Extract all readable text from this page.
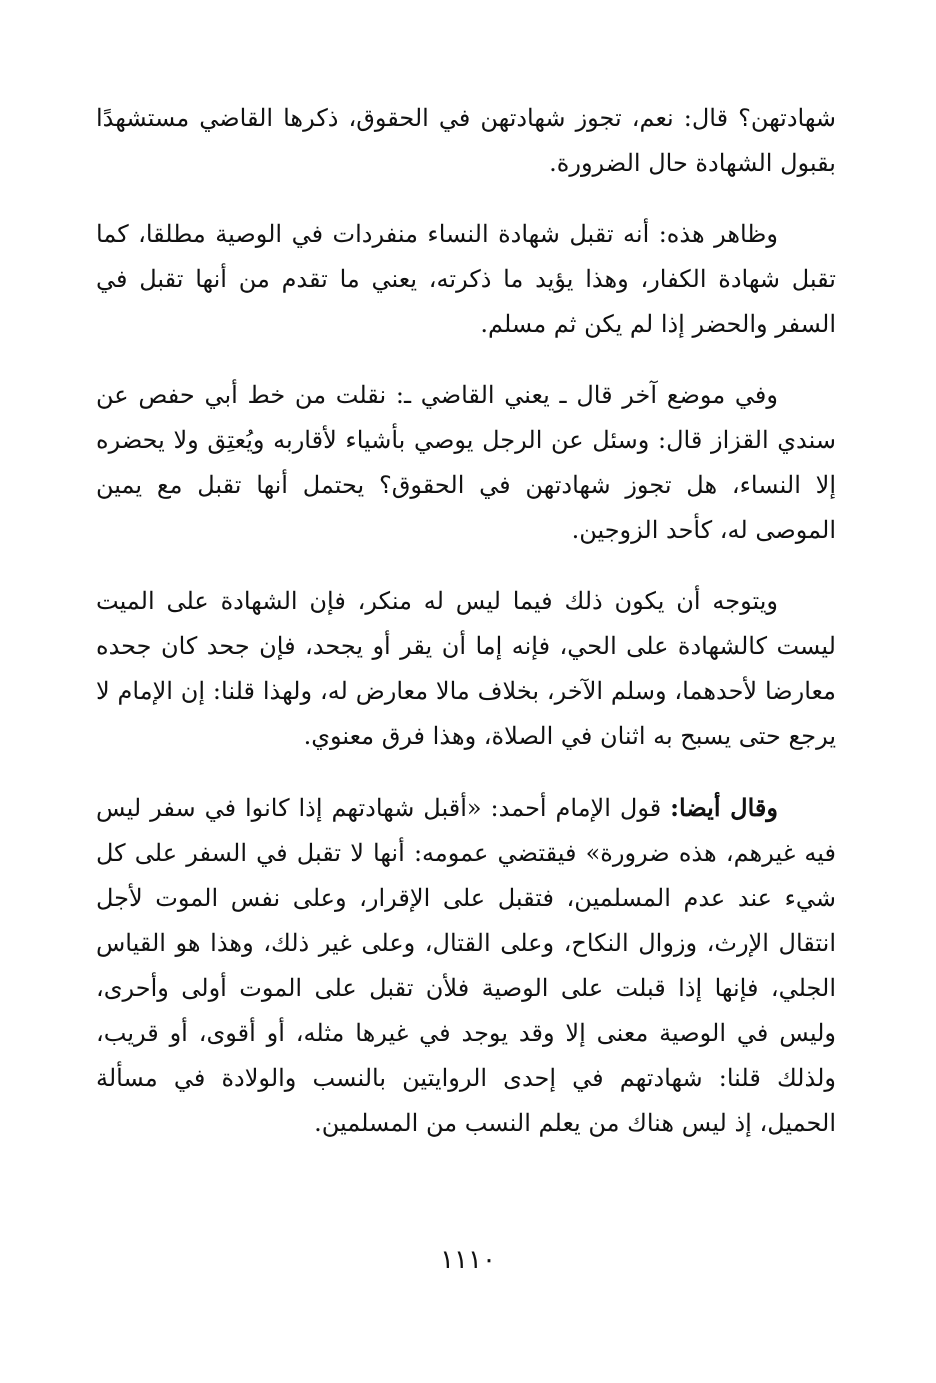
شهادتهن؟ قال: نعم، تجوز شهادتهن في الحقوق، ذكرها القاضي مستشهدًا بقبول الشهادة حال الضرورة.

وظاهر هذه: أنه تقبل شهادة النساء منفردات في الوصية مطلقا، كما تقبل شهادة الكفار، وهذا يؤيد ما ذكرته، يعني ما تقدم من أنها تقبل في السفر والحضر إذا لم يكن ثم مسلم.

وفي موضع آخر قال ـ يعني القاضي ـ: نقلت من خط أبي حفص عن سندي القزاز قال: وسئل عن الرجل يوصي بأشياء لأقاربه ويُعتِق ولا يحضره إلا النساء، هل تجوز شهادتهن في الحقوق؟ يحتمل أنها تقبل مع يمين الموصى له، كأحد الزوجين.

ويتوجه أن يكون ذلك فيما ليس له منكر، فإن الشهادة على الميت ليست كالشهادة على الحي، فإنه إما أن يقر أو يجحد، فإن جحد كان جحده معارضا لأحدهما، وسلم الآخر، بخلاف مالا معارض له، ولهذا قلنا: إن الإمام لا يرجع حتى يسبح به اثنان في الصلاة، وهذا فرق معنوي.

وقال أيضا: قول الإمام أحمد: «أقبل شهادتهم إذا كانوا في سفر ليس فيه غيرهم، هذه ضرورة» فيقتضي عمومه: أنها لا تقبل في السفر على كل شيء عند عدم المسلمين، فتقبل على الإقرار، وعلى نفس الموت لأجل انتقال الإرث، وزوال النكاح، وعلى القتال، وعلى غير ذلك، وهذا هو القياس الجلي، فإنها إذا قبلت على الوصية فلأن تقبل على الموت أولى وأحرى، وليس في الوصية معنى إلا وقد يوجد في غيرها مثله، أو أقوى، أو قريب، ولذلك قلنا: شهادتهم في إحدى الروايتين بالنسب والولادة في مسألة الحميل، إذ ليس هناك من يعلم النسب من المسلمين.

١١١٠
